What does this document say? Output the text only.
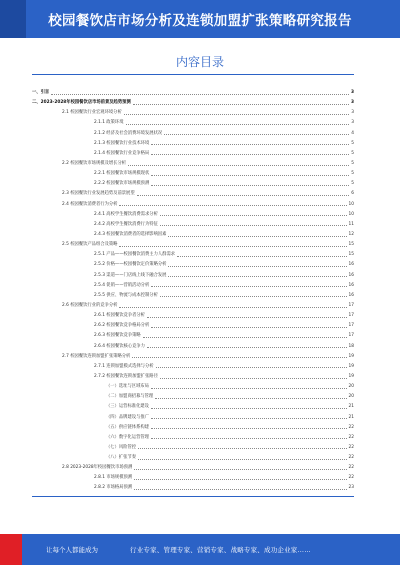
校园餐饮店市场分析及连锁加盟扩张策略研究报告
内容目录
一、引言	3
二、2023-2028年校园餐饮店市场前景及趋势预测	3
2.1 校园餐饮行业宏观环境分析	3
2.1.1 政策环境	3
2.1.2 经济及社会消费环境发展状况	4
2.1.3 校园餐饮行业技术环境	5
2.1.4 校园餐饮行业竞争格局	5
2.2 校园餐饮市场规模及增长分析	5
2.2.1 校园餐饮市场规模现状	5
2.2.2 校园餐饮市场规模预测	5
2.3 校园餐饮行业发展趋势及前景展望	6
2.4 校园餐饮消费者行为分析	10
2.4.1 高校学生餐饮消费需求分析	10
2.4.2 高校学生餐饮消费行为特征	11
2.4.3 校园餐饮消费者的选择影响因素	12
2.5 校园餐饮产品组合及策略	15
2.5.1 产品——校园餐饮消费主力人群需求	15
2.5.2 价格——校园餐饮定价策略分析	16
2.5.3 渠道——门店线上线下融合发展	16
2.5.4 促销——营销活动分析	16
2.5.5 供应、物流与成本控制分析	16
2.6 校园餐饮行业的竞争分析	17
2.6.1 校园餐饮竞争者分析	17
2.6.2 校园餐饮竞争格局分析	17
2.6.3 校园餐饮竞争策略	17
2.6.4 校园餐饮核心竞争力	18
2.7 校园餐饮连锁加盟扩张策略分析	19
2.7.1 连锁加盟模式选择与分析	19
2.7.2 校园餐饮连锁加盟扩张路径	19
（一）选址与区域布局	20
（二）加盟商招募与管理	20
（三）运营标准化建设	21
（四）品牌建设与推广	21
（五）供应链体系构建	22
（六）数字化运营管理	22
（七）风险管控	22
（八）扩张节奏	22
2.8 2023-2028年校园餐饮市场预测	22
2.8.1 市场规模预测	22
2.8.2 市场格局预测	23
让每个人都能成为	行业专家、管理专家、营销专家、战略专家、成功企业家……
